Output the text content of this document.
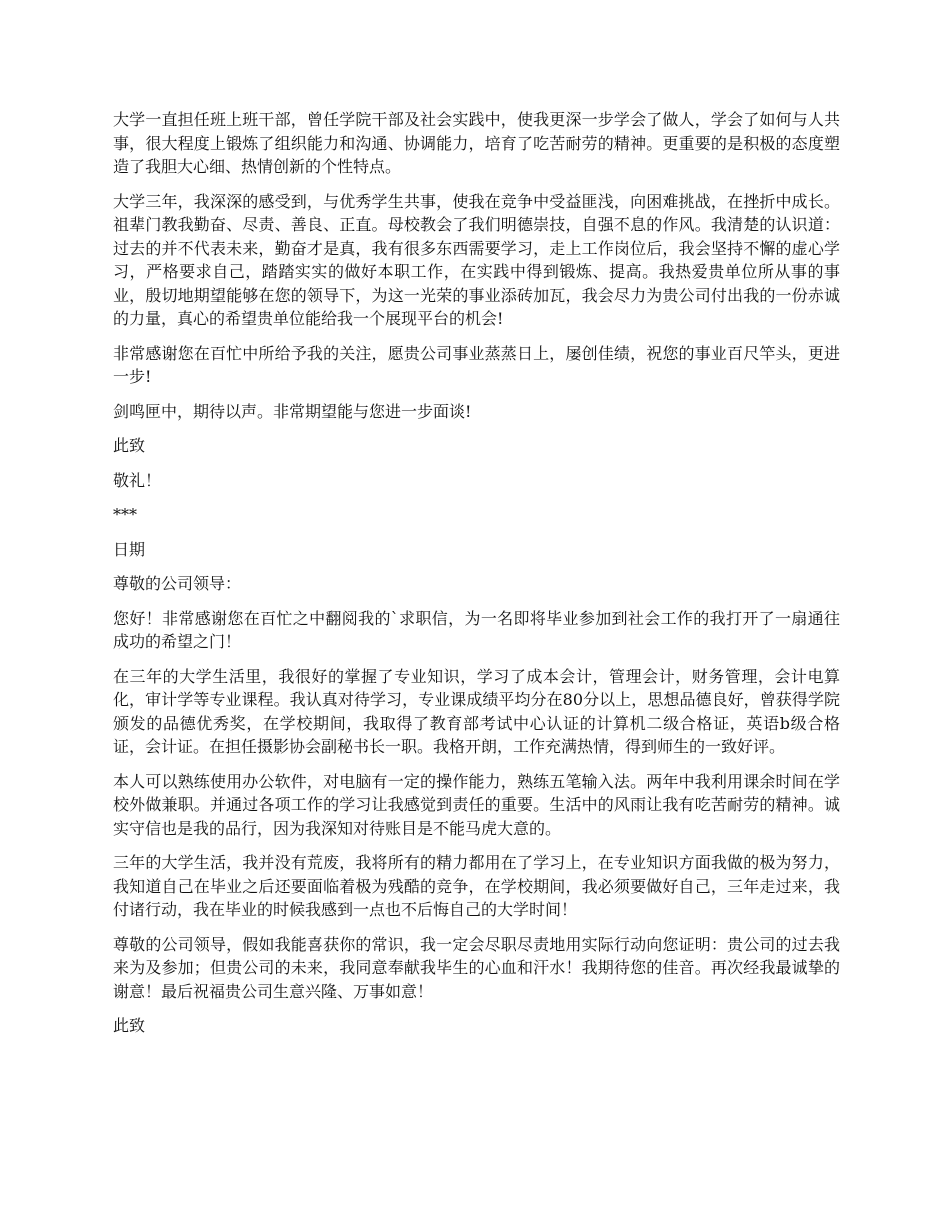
大学一直担任班上班干部，曾任学院干部及社会实践中，使我更深一步学会了做人，学会了如何与人共事，很大程度上锻炼了组织能力和沟通、协调能力，培育了吃苦耐劳的精神。更重要的是积极的态度塑造了我胆大心细、热情创新的个性特点。

大学三年，我深深的感受到，与优秀学生共事，使我在竞争中受益匪浅，向困难挑战，在挫折中成长。祖辈门教我勤奋、尽责、善良、正直。母校教会了我们明德崇技，自强不息的作风。我清楚的认识道：过去的并不代表未来，勤奋才是真，我有很多东西需要学习，走上工作岗位后，我会坚持不懈的虚心学习，严格要求自己，踏踏实实的做好本职工作，在实践中得到锻炼、提高。我热爱贵单位所从事的事业，殷切地期望能够在您的领导下，为这一光荣的事业添砖加瓦，我会尽力为贵公司付出我的一份赤诚的力量，真心的希望贵单位能给我一个展现平台的机会!

非常感谢您在百忙中所给予我的关注，愿贵公司事业蒸蒸日上，屡创佳绩，祝您的事业百尺竿头，更进一步!

剑鸣匣中，期待以声。非常期望能与您进一步面谈!

此致

敬礼！

***

日期

尊敬的公司领导：

您好！非常感谢您在百忙之中翻阅我的`求职信，为一名即将毕业参加到社会工作的我打开了一扇通往成功的希望之门！

在三年的大学生活里，我很好的掌握了专业知识，学习了成本会计，管理会计，财务管理，会计电算化，审计学等专业课程。我认真对待学习，专业课成绩平均分在80分以上，思想品德良好，曾获得学院颁发的品德优秀奖，在学校期间，我取得了教育部考试中心认证的计算机二级合格证，英语b级合格证，会计证。在担任摄影协会副秘书长一职。我格开朗，工作充满热情，得到师生的一致好评。

本人可以熟练使用办公软件，对电脑有一定的操作能力，熟练五笔输入法。两年中我利用课余时间在学校外做兼职。并通过各项工作的学习让我感觉到责任的重要。生活中的风雨让我有吃苦耐劳的精神。诚实守信也是我的品行，因为我深知对待账目是不能马虎大意的。

三年的大学生活，我并没有荒废，我将所有的精力都用在了学习上，在专业知识方面我做的极为努力，我知道自己在毕业之后还要面临着极为残酷的竞争，在学校期间，我必须要做好自己，三年走过来，我付诸行动，我在毕业的时候我感到一点也不后悔自己的大学时间！

尊敬的公司领导，假如我能喜获你的常识，我一定会尽职尽责地用实际行动向您证明：贵公司的过去我来为及参加；但贵公司的未来，我同意奉献我毕生的心血和汗水！我期待您的佳音。再次经我最诚挚的谢意！最后祝福贵公司生意兴隆、万事如意！

此致
